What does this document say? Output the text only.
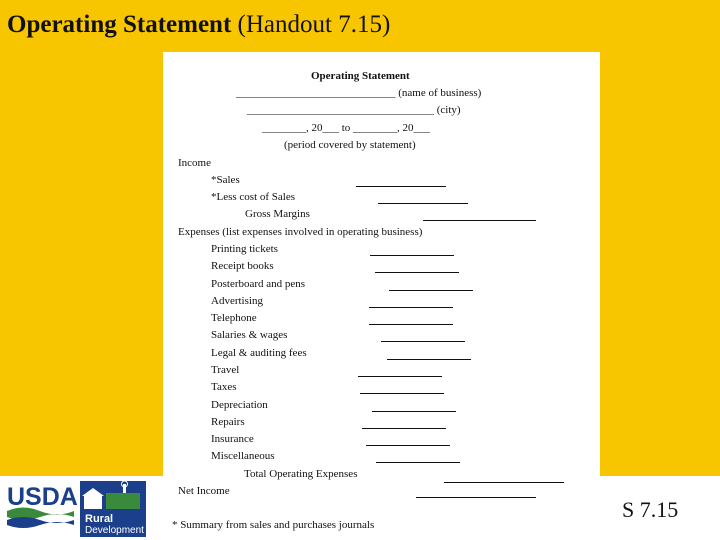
Operating Statement (Handout 7.15)
Operating Statement
_____________________________ (name of business)
__________________________________ (city)
________, 20___ to ________, 20___
(period covered by statement)
Income
*Sales
*Less cost of Sales
Gross Margins
Expenses (list expenses involved in operating business)
Printing tickets
Receipt books
Posterboard and pens
Advertising
Telephone
Salaries & wages
Legal & auditing fees
Travel
Taxes
Depreciation
Repairs
Insurance
Miscellaneous
Total Operating Expenses
Net Income
* Summary from sales and purchases journals
USDA
Rural
Development
S 7.15
